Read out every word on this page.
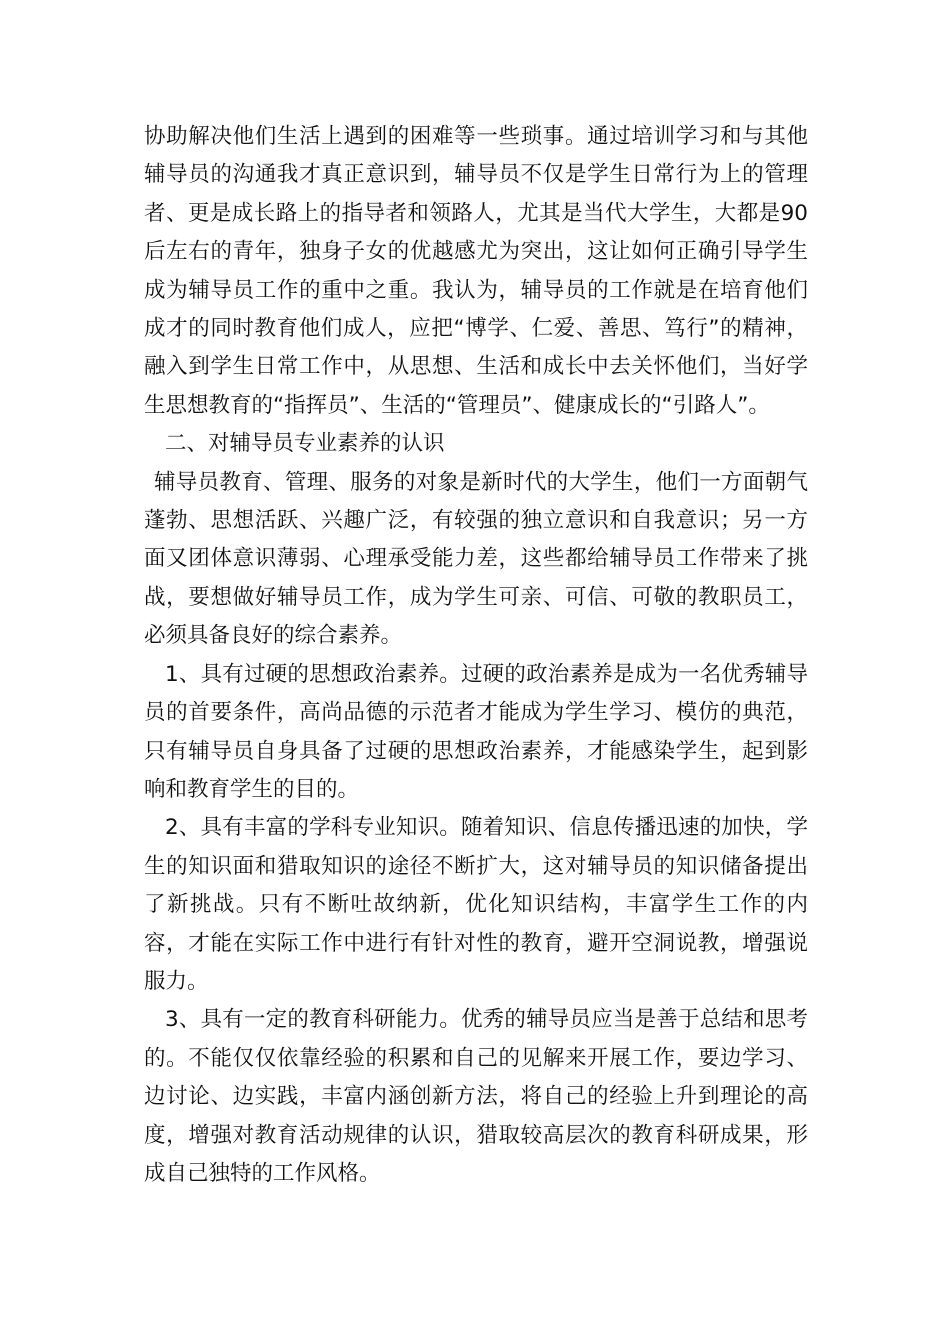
协助解决他们生活上遇到的困难等一些琐事。通过培训学习和与其他辅导员的沟通我才真正意识到，辅导员不仅是学生日常行为上的管理者、更是成长路上的指导者和领路人，尤其是当代大学生，大都是90后左右的青年，独身子女的优越感尤为突出，这让如何正确引导学生成为辅导员工作的重中之重。我认为，辅导员的工作就是在培育他们成才的同时教育他们成人，应把“博学、仁爱、善思、笃行”的精神，融入到学生日常工作中，从思想、生活和成长中去关怀他们，当好学生思想教育的“指挥员”、生活的“管理员”、健康成长的“引路人”。

二、对辅导员专业素养的认识

辅导员教育、管理、服务的对象是新时代的大学生，他们一方面朝气蓬勃、思想活跃、兴趣广泛，有较强的独立意识和自我意识；另一方面又团体意识薄弱、心理承受能力差，这些都给辅导员工作带来了挑战，要想做好辅导员工作，成为学生可亲、可信、可敬的教职员工，必须具备良好的综合素养。

1、具有过硬的思想政治素养。过硬的政治素养是成为一名优秀辅导员的首要条件，高尚品德的示范者才能成为学生学习、模仿的典范，只有辅导员自身具备了过硬的思想政治素养，才能感染学生，起到影响和教育学生的目的。

2、具有丰富的学科专业知识。随着知识、信息传播迅速的加快，学生的知识面和猎取知识的途径不断扩大，这对辅导员的知识储备提出了新挑战。只有不断吐故纳新，优化知识结构，丰富学生工作的内容，才能在实际工作中进行有针对性的教育，避开空洞说教，增强说服力。

3、具有一定的教育科研能力。优秀的辅导员应当是善于总结和思考的。不能仅仅依靠经验的积累和自己的见解来开展工作，要边学习、边讨论、边实践，丰富内涵创新方法，将自己的经验上升到理论的高度，增强对教育活动规律的认识，猎取较高层次的教育科研成果，形成自己独特的工作风格。
